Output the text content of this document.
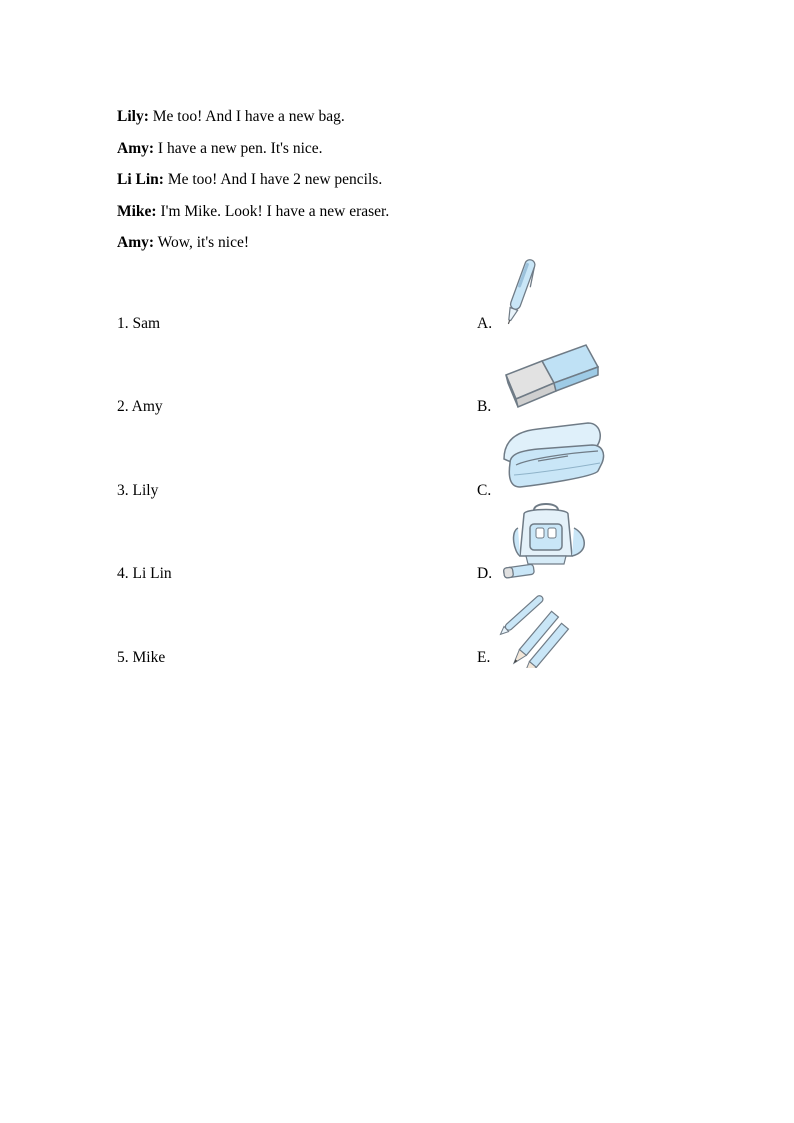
Lily: Me too! And I have a new bag.
Amy: I have a new pen. It's nice.
Li Lin: Me too! And I have 2 new pencils.
Mike: I'm Mike. Look! I have a new eraser.
Amy: Wow, it's nice!
1. Sam	A.
2. Amy	B.
3. Lily	C.
4. Li Lin	D.
5. Mike	E.
